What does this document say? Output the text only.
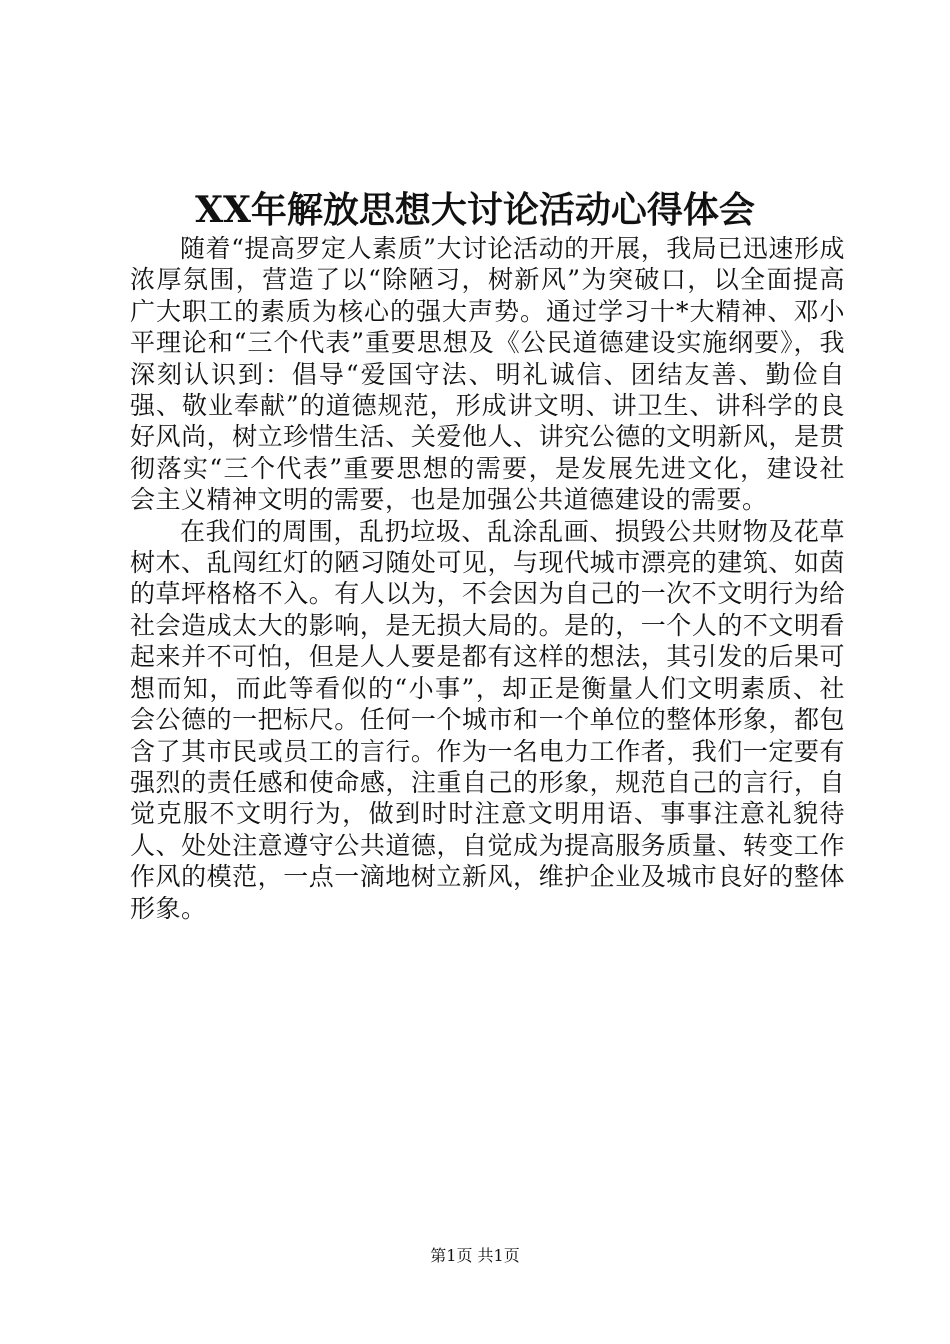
XX年解放思想大讨论活动心得体会

随着“提高罗定人素质”大讨论活动的开展，我局已迅速形成浓厚氛围，营造了以“除陋习，树新风”为突破口，以全面提高广大职工的素质为核心的强大声势。通过学习十*大精神、邓小平理论和“三个代表”重要思想及《公民道德建设实施纲要》，我深刻认识到：倡导“爱国守法、明礼诚信、团结友善、勤俭自强、敬业奉献”的道德规范，形成讲文明、讲卫生、讲科学的良好风尚，树立珍惜生活、关爱他人、讲究公德的文明新风，是贯彻落实“三个代表”重要思想的需要，是发展先进文化，建设社会主义精神文明的需要，也是加强公共道德建设的需要。

在我们的周围，乱扔垃圾、乱涂乱画、损毁公共财物及花草树木、乱闯红灯的陋习随处可见，与现代城市漂亮的建筑、如茵的草坪格格不入。有人以为，不会因为自己的一次不文明行为给社会造成太大的影响，是无损大局的。是的，一个人的不文明看起来并不可怕，但是人人要是都有这样的想法，其引发的后果可想而知，而此等看似的“小事”，却正是衡量人们文明素质、社会公德的一把标尺。任何一个城市和一个单位的整体形象，都包含了其市民或员工的言行。作为一名电力工作者，我们一定要有强烈的责任感和使命感，注重自己的形象，规范自己的言行，自觉克服不文明行为，做到时时注意文明用语、事事注意礼貌待人、处处注意遵守公共道德，自觉成为提高服务质量、转变工作作风的模范，一点一滴地树立新风，维护企业及城市良好的整体形象。

第1页 共1页
